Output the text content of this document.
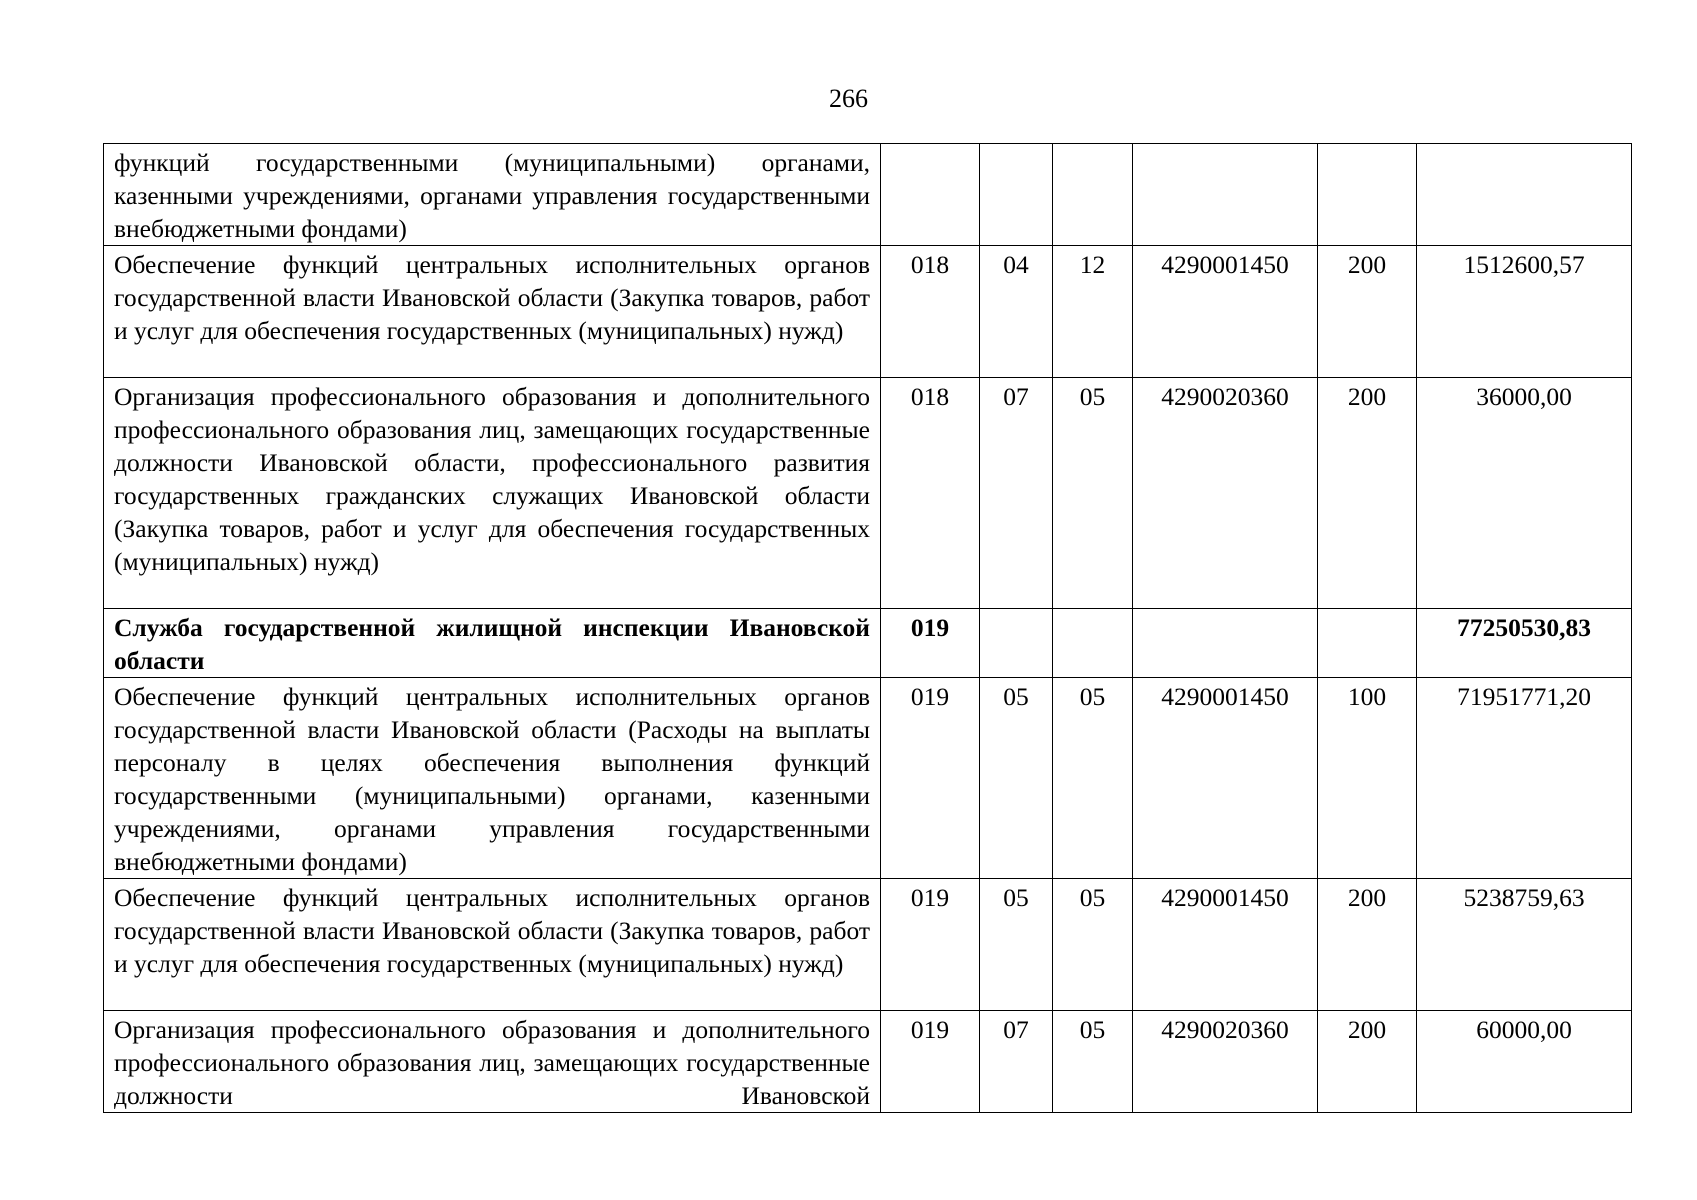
266
функций государственными (муниципальными) органами, казенными учреждениями, органами управления государственными внебюджетными фондами)						
Обеспечение функций центральных исполнительных органов государственной власти Ивановской области (Закупка товаров, работ и услуг для обеспечения государственных (муниципальных) нужд)	018	04	12	4290001450	200	1512600,57
Организация профессионального образования и дополнительного профессионального образования лиц, замещающих государственные должности Ивановской области, профессионального развития государственных гражданских служащих Ивановской области (Закупка товаров, работ и услуг для обеспечения государственных (муниципальных) нужд)	018	07	05	4290020360	200	36000,00
Служба государственной жилищной инспекции Ивановской области	019					77250530,83
Обеспечение функций центральных исполнительных органов государственной власти Ивановской области (Расходы на выплаты персоналу в целях обеспечения выполнения функций государственными (муниципальными) органами, казенными учреждениями, органами управления государственными внебюджетными фондами)	019	05	05	4290001450	100	71951771,20
Обеспечение функций центральных исполнительных органов государственной власти Ивановской области (Закупка товаров, работ и услуг для обеспечения государственных (муниципальных) нужд)	019	05	05	4290001450	200	5238759,63
Организация профессионального образования и дополнительного профессионального образования лиц, замещающих государственные должности Ивановской	019	07	05	4290020360	200	60000,00
